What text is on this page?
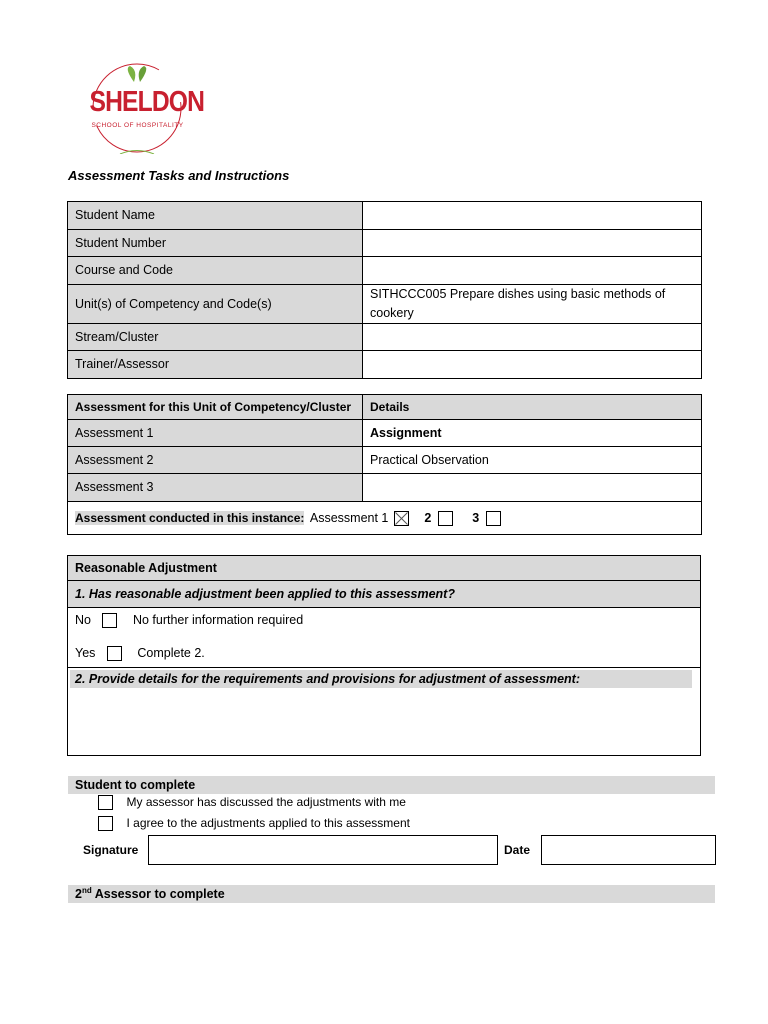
SHELDON
SCHOOL OF HOSPITALITY
Assessment Tasks and Instructions
Student Name	
Student Number	
Course and Code	
Unit(s) of Competency and Code(s)	SITHCCC005 Prepare dishes using basic methods of cookery
Stream/Cluster	
Trainer/Assessor	
Assessment for this Unit of Competency/Cluster	Details
Assessment 1	Assignment
Assessment 2	Practical Observation
Assessment 3	
Assessment conducted in this instance: Assessment 1 2 3	
Reasonable Adjustment
1. Has reasonable adjustment been applied to this assessment?
No	No further information required
Yes	Complete 2.
2. Provide details for the requirements and provisions for adjustment of assessment:
Student to complete
My assessor has discussed the adjustments with me
I agree to the adjustments applied to this assessment
Signature	Date
2nd Assessor to complete
